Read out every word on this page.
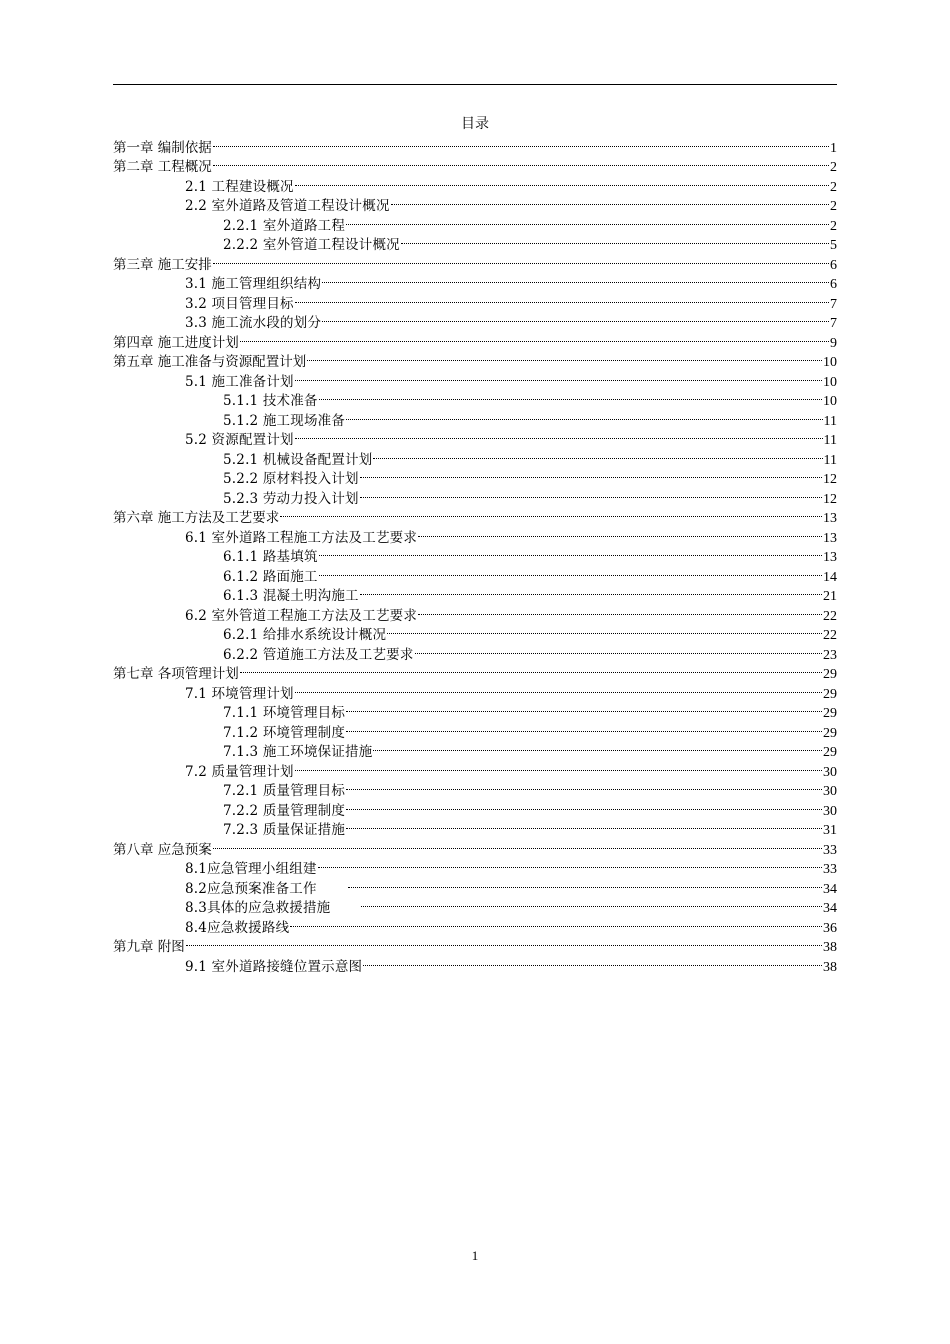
目录
第一章 编制依据	1
第二章 工程概况	2
2.1 工程建设概况	2
2.2 室外道路及管道工程设计概况	2
2.2.1 室外道路工程	2
2.2.2 室外管道工程设计概况	5
第三章 施工安排	6
3.1 施工管理组织结构	6
3.2 项目管理目标	7
3.3 施工流水段的划分	7
第四章 施工进度计划	9
第五章 施工准备与资源配置计划	10
5.1 施工准备计划	10
5.1.1 技术准备	10
5.1.2 施工现场准备	11
5.2 资源配置计划	11
5.2.1 机械设备配置计划	11
5.2.2 原材料投入计划	12
5.2.3 劳动力投入计划	12
第六章 施工方法及工艺要求	13
6.1 室外道路工程施工方法及工艺要求	13
6.1.1 路基填筑	13
6.1.2 路面施工	14
6.1.3 混凝土明沟施工	21
6.2 室外管道工程施工方法及工艺要求	22
6.2.1 给排水系统设计概况	22
6.2.2 管道施工方法及工艺要求	23
第七章 各项管理计划	29
7.1 环境管理计划	29
7.1.1 环境管理目标	29
7.1.2 环境管理制度	29
7.1.3 施工环境保证措施	29
7.2 质量管理计划	30
7.2.1 质量管理目标	30
7.2.2 质量管理制度	30
7.2.3 质量保证措施	31
第八章 应急预案	33
8.1应急管理小组组建	33
8.2应急预案准备工作	34
8.3具体的应急救援措施	34
8.4应急救援路线	36
第九章 附图	38
9.1 室外道路接缝位置示意图	38
1
